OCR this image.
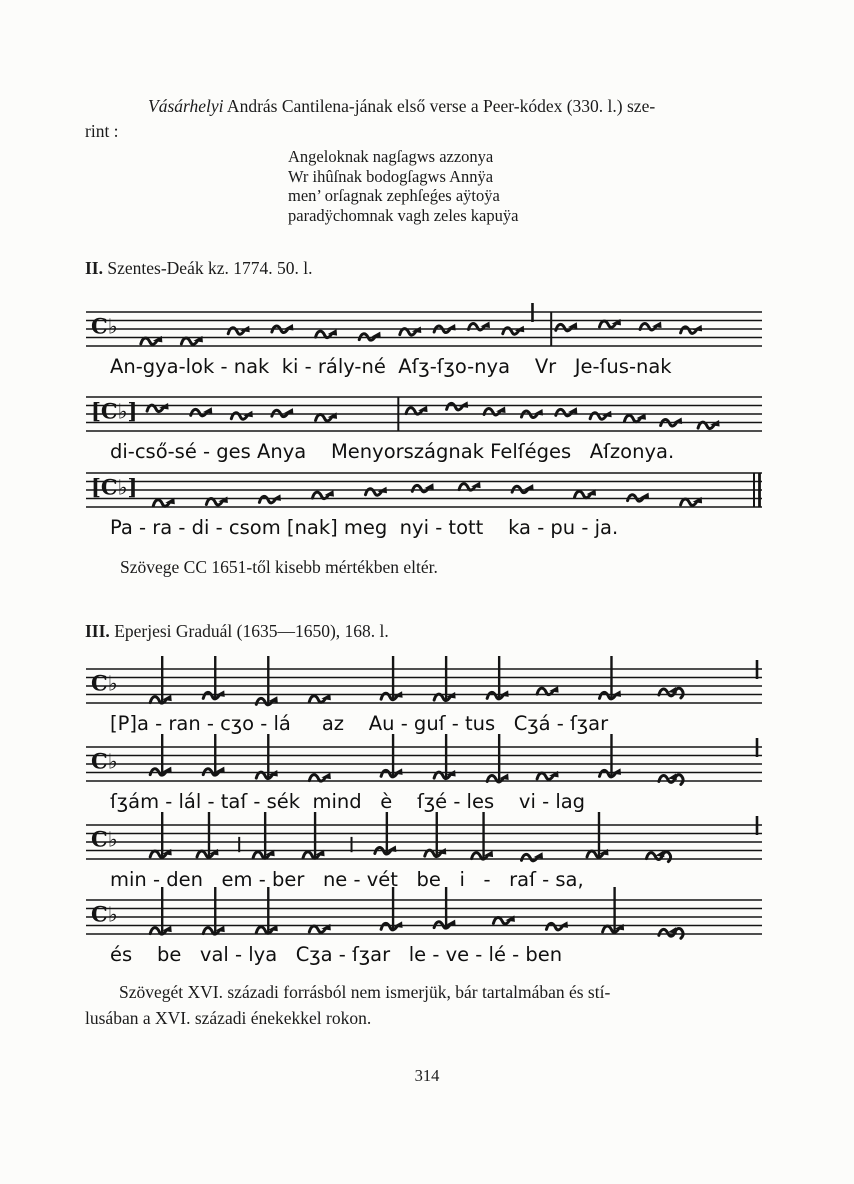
Vásárhelyi András Cantilena-jának első verse a Peer-kódex (330. l.) sze-
rint :
Angeloknak nagſagws azzonya
Wr ihûſnak bodogſagws Annÿa
men’ orſagnak zephſeǵes aÿtoÿa
paradÿchomnak vagh zeles kapuÿa
II. Szentes-Deák kz. 1774. 50. l.
C♭
An-gya-lok - nak  ki - rály-né  Aſʒ-ſʒo-nya    Vr   Je-ſus-nak
[C♭]
di-cső-sé - ges Anya    Menyországnak Felſéges   Aſzonya.
[C♭]
Pa - ra - di - csom [nak] meg  nyi - tott    ka - pu - ja.
Szövege CC 1651-től kisebb mértékben eltér.
III. Eperjesi Graduál (1635—1650), 168. l.
C♭
[P]a - ran - cʒo - lá     az    Au - guſ - tus   Cʒá - ſʒar
C♭
ſʒám - lál - taſ - sék  mind   è    ſʒé - les    vi - lag
C♭
min - den   em - ber   ne - vét   be   i   -   raſ - sa,
C♭
és    be   val - lya   Cʒa - ſʒar   le - ve - lé - ben
Szövegét XVI. századi forrásból nem ismerjük, bár tartalmában és stí-
lusában a XVI. századi énekekkel rokon.
314
